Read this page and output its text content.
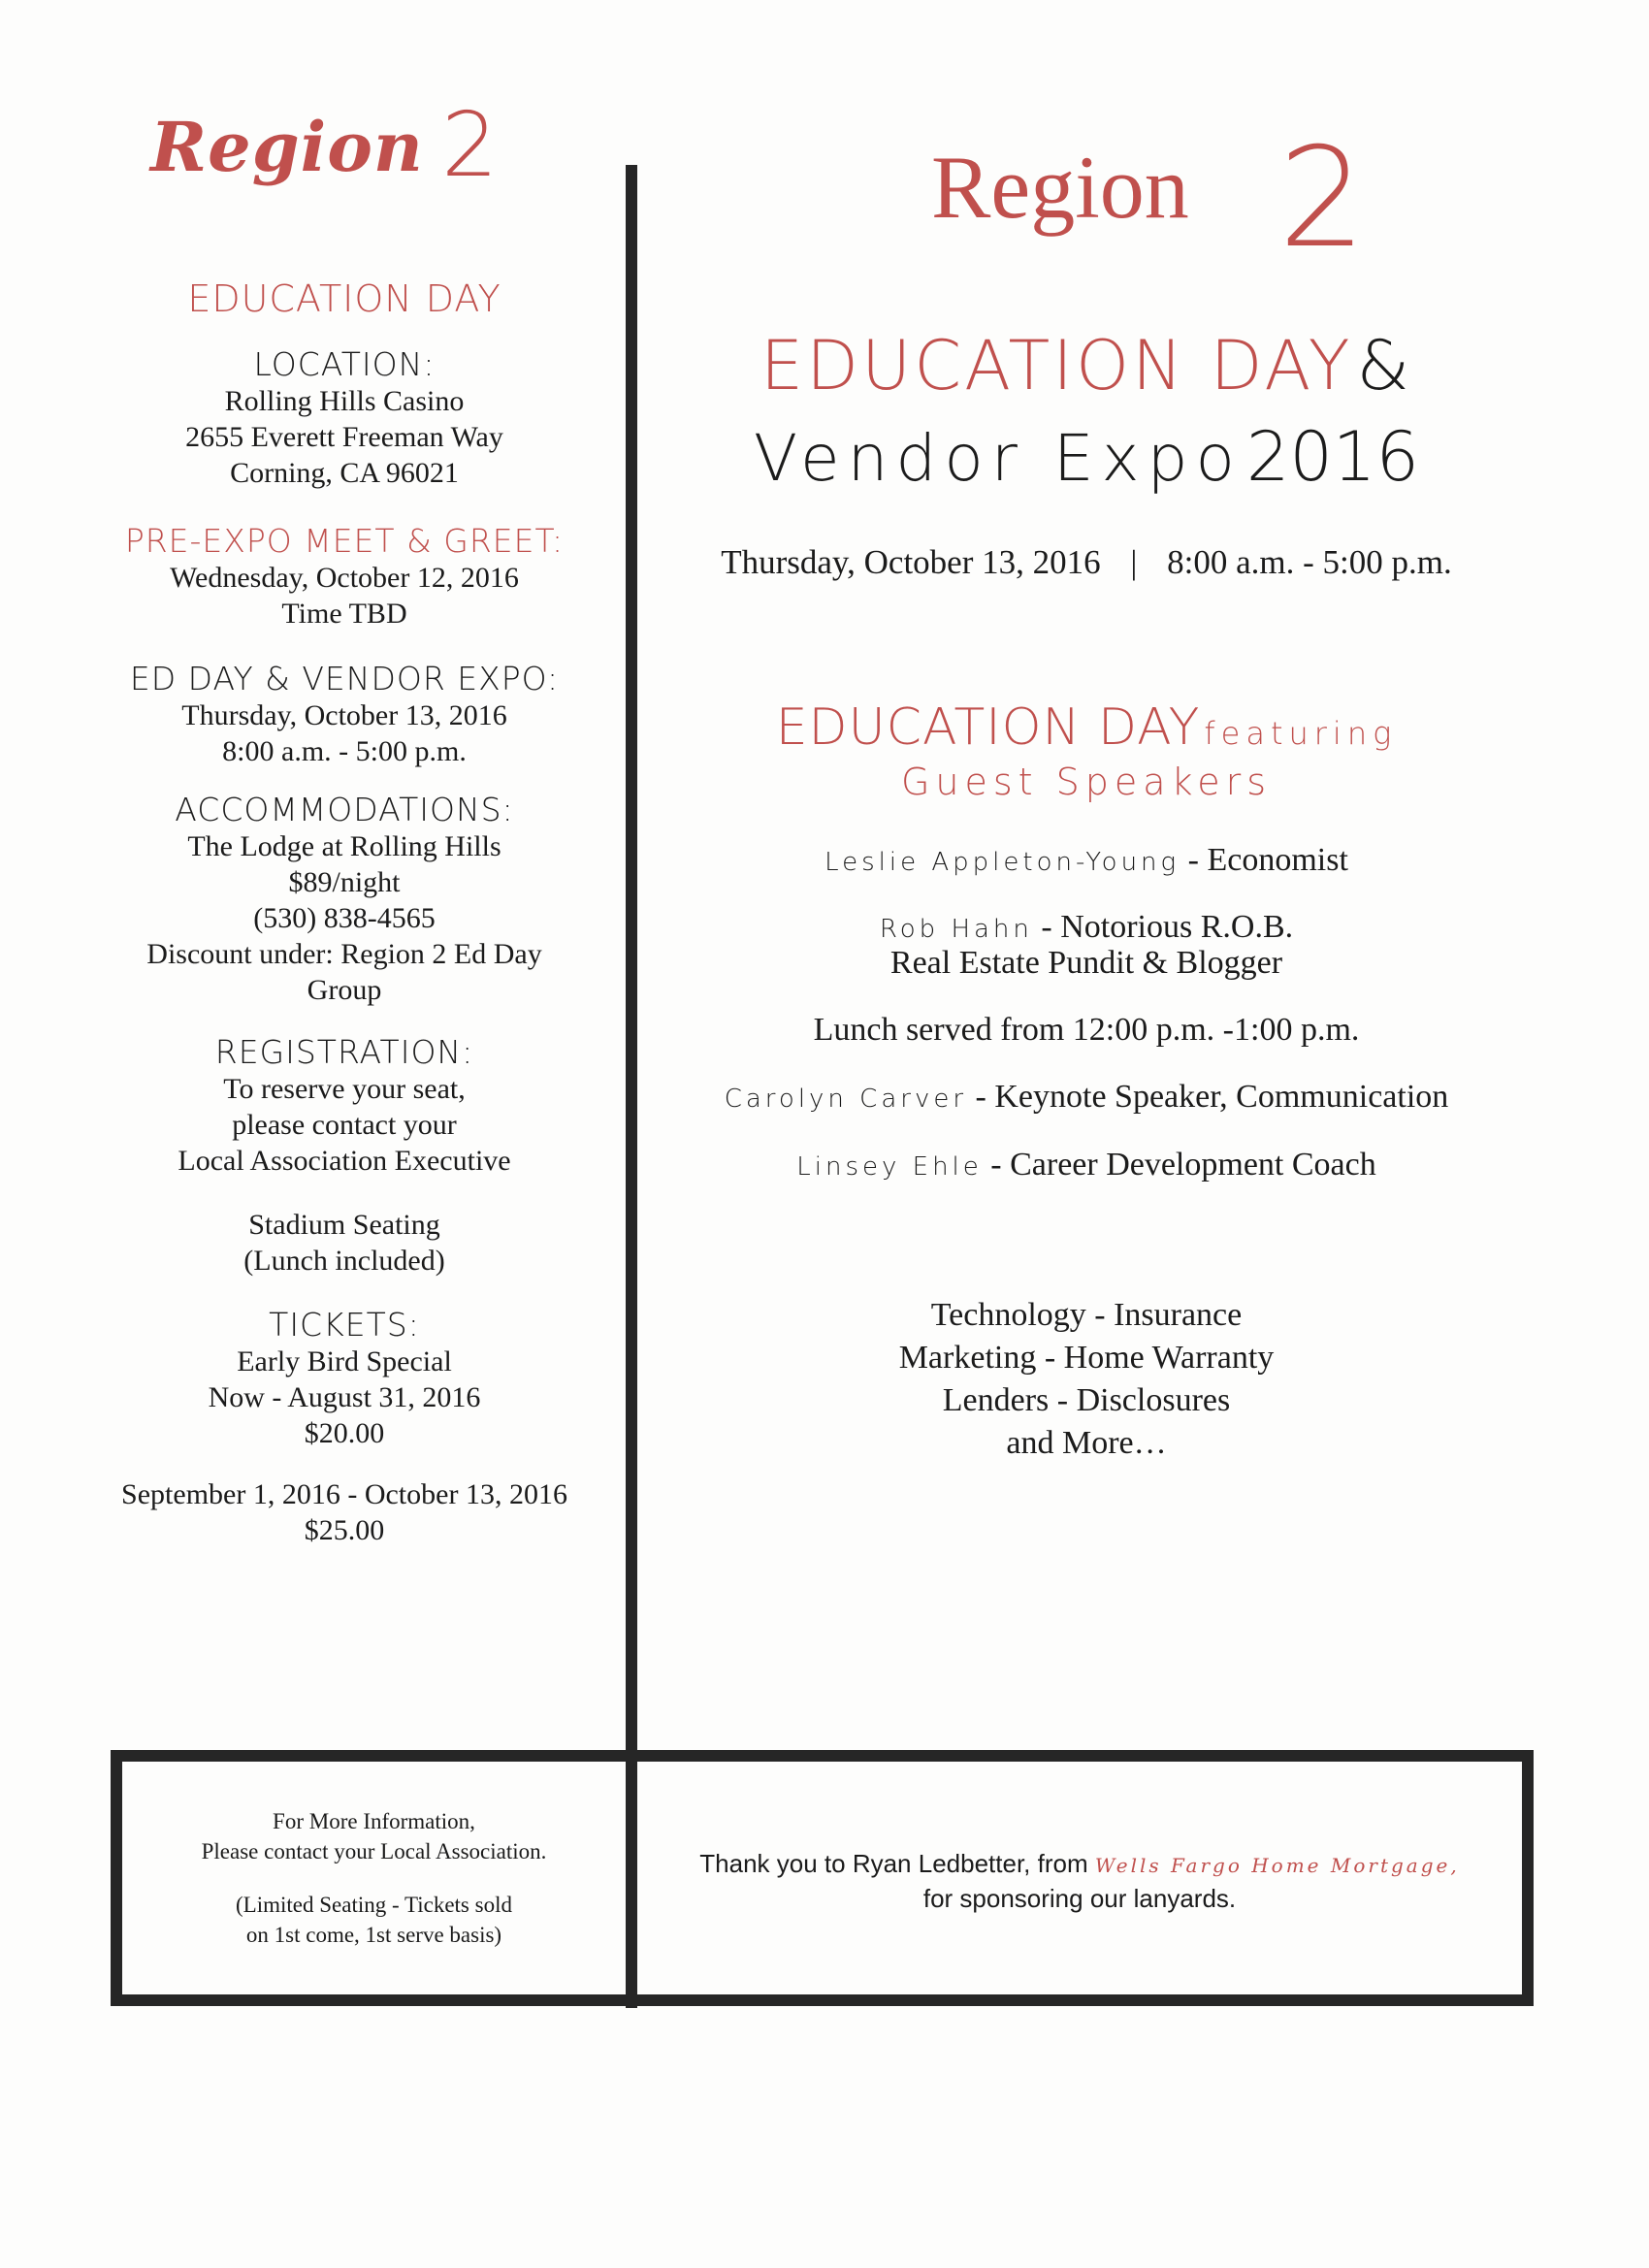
Region 2
EDUCATION DAY
LOCATION:
Rolling Hills Casino
2655 Everett Freeman Way
Corning, CA 96021
PRE-EXPO MEET & GREET:
Wednesday, October 12, 2016
Time TBD
ED DAY & VENDOR EXPO:
Thursday, October 13, 2016
8:00 a.m. - 5:00 p.m.
ACCOMMODATIONS:
The Lodge at Rolling Hills
$89/night
(530) 838-4565
Discount under: Region 2 Ed Day
Group
REGISTRATION:
To reserve your seat,
please contact your
Local Association Executive
Stadium Seating
(Lunch included)
TICKETS:
Early Bird Special
Now - August 31, 2016
$20.00
September 1, 2016 - October 13, 2016
$25.00
Region 2
EDUCATION DAY &
Vendor Expo 2016
Thursday, October 13, 2016 | 8:00 a.m. - 5:00 p.m.
EDUCATION DAY featuring
Guest Speakers
Leslie Appleton-Young - Economist
Rob Hahn - Notorious R.O.B.
Real Estate Pundit & Blogger
Lunch served from 12:00 p.m. -1:00 p.m.
Carolyn Carver - Keynote Speaker, Communication
Linsey Ehle - Career Development Coach
Technology - Insurance
Marketing - Home Warranty
Lenders - Disclosures
and More…
For More Information,
Please contact your Local Association.
(Limited Seating - Tickets sold
on 1st come, 1st serve basis)
Thank you to Ryan Ledbetter, from Wells Fargo Home Mortgage,
for sponsoring our lanyards.
